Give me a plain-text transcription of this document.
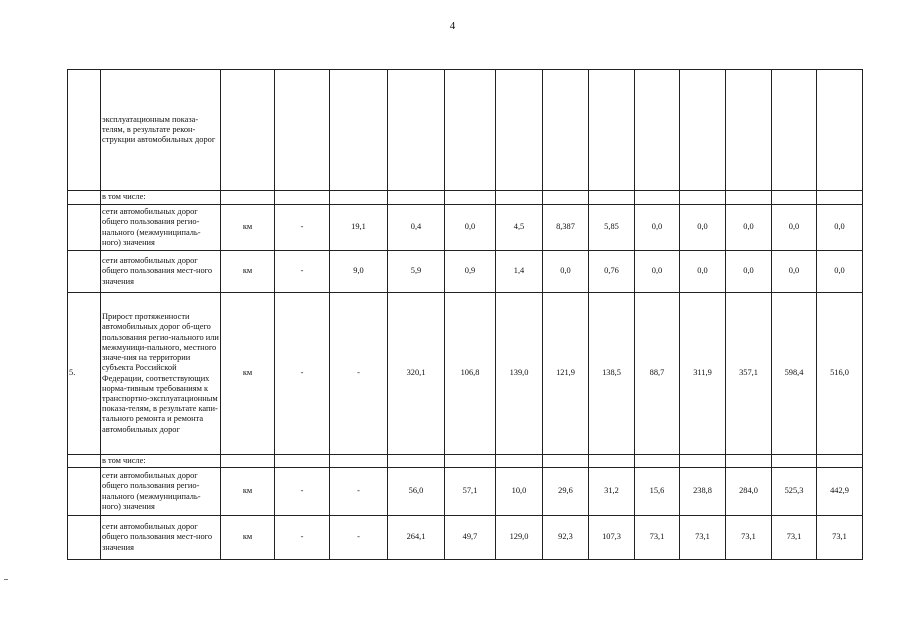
4
	эксплуатационным показа-телям, в результате рекон-струкции автомобильных дорог													
	в том числе:													
	сети автомобильных дорог общего пользования регио-нального (межмуниципаль-ного) значения	км	-	19,1	0,4	0,0	4,5	8,387	5,85	0,0	0,0	0,0	0,0	0,0
	сети автомобильных дорог общего пользования мест-ного значения	км	-	9,0	5,9	0,9	1,4	0,0	0,76	0,0	0,0	0,0	0,0	0,0
5.	Прирост протяженности автомобильных дорог об-щего пользования регио-нального или межмуници-пального, местного значе-ния на территории субъекта Российской Федерации, соответствующих норма-тивным требованиям к транспортно-эксплуатационным показа-телям, в результате капи-тального ремонта и ремонта автомобильных дорог	км	-	-	320,1	106,8	139,0	121,9	138,5	88,7	311,9	357,1	598,4	516,0
	в том числе:													
	сети автомобильных дорог общего пользования регио-нального (межмуниципаль-ного) значения	км	-	-	56,0	57,1	10,0	29,6	31,2	15,6	238,8	284,0	525,3	442,9
	сети автомобильных дорог общего пользования мест-ного значения	км	-	-	264,1	49,7	129,0	92,3	107,3	73,1	73,1	73,1	73,1	73,1
